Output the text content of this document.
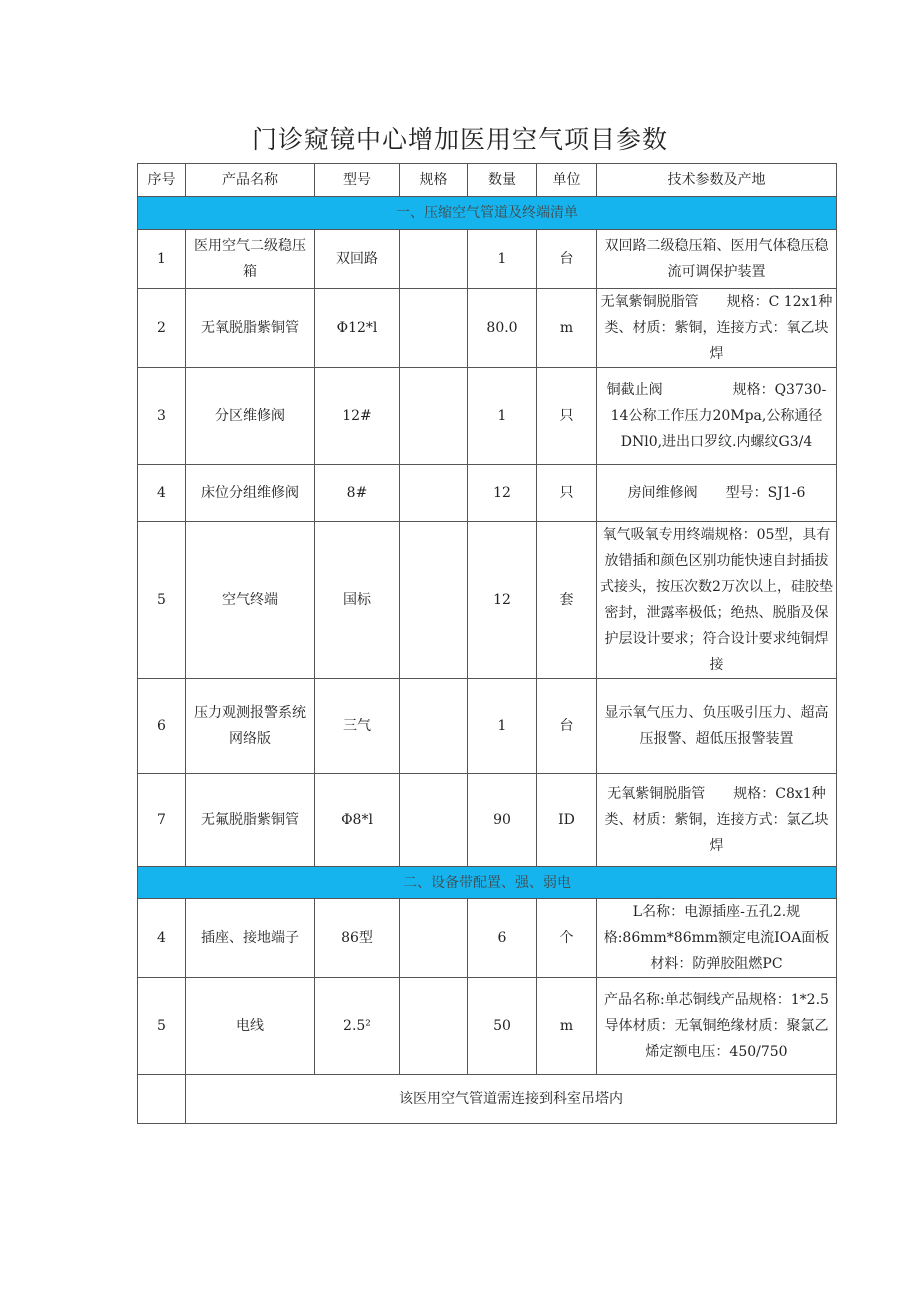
门诊窥镜中心增加医用空气项目参数
序号	产品名称	型号	规格	数量	单位	技术参数及产地
一、压缩空气管道及终端清单						
1	医用空气二级稳压箱	双回路		1	台	双回路二级稳压箱、医用气体稳压稳流可调保护装置
2	无氧脱脂紫铜管	Φ12*l		80.0	m	无氧紫铜脱脂管　　规格：C 12x1种类、材质：紫铜，连接方式：氧乙块焊
3	分区维修阀	12#		1	只	铜截止阀　　　　　规格：Q3730-14公称工作压力20Mpa,公称通径DNl0,进出口罗纹.内螺纹G3/4
4	床位分组维修阀	8#		12	只	房间维修阀　　型号：SJ1-6
5	空气终端	国标		12	套	氧气吸氧专用终端规格：05型，具有放错插和颜色区别功能快速自封插拔式接头，按压次数2万次以上，硅胶垫密封，泄露率极低；绝热、脱脂及保护层设计要求；符合设计要求纯铜焊接
6	压力观测报警系统网络版	三气		1	台	显示氧气压力、负压吸引压力、超高压报警、超低压报警装置
7	无氟脱脂紫铜管	Φ8*l		90	ID	无氧紫铜脱脂管　　规格：C8x1种类、材质：紫铜，连接方式：氯乙块焊
二、设备带配置、强、弱电						
4	插座、接地端子	86型		6	个	L名称：电源插座-五孔2.规格:86mm*86mm额定电流IOA面板材料：防弹胶阻燃PC
5	电线	2.5²		50	m	产品名称:单芯铜线产品规格：1*2.5导体材质：无氧铜绝缘材质：聚氯乙烯定额电压：450/750
	该医用空气管道需连接到科室吊塔内					
